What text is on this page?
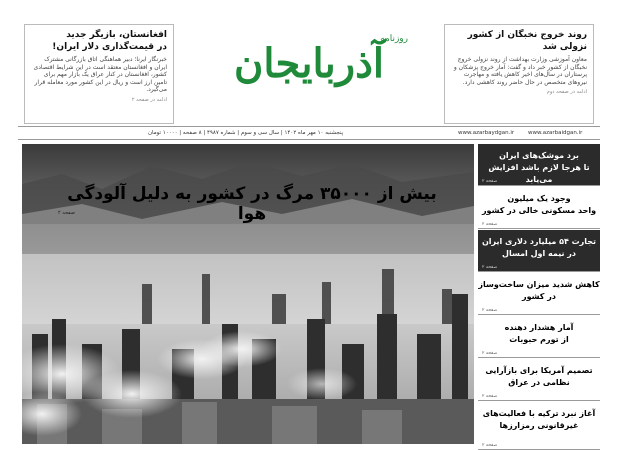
افغانستان، بازیگر جدید
در قیمت‌گذاری دلار ایران!
خبرنگار ایرنا؛ دبیر هماهنگی اتاق بازرگانی مشترک ایران و افغانستان معتقد است در این شرایط اقتصادی کشور، افغانستان در کنار عراق یک بازار مهم برای تامین ارز است و ریال در این کشور مورد معامله قرار می‌گیرد.
ادامه در صفحه ۲
روزنامه
آذربایجان
روند خروج نخبگان از کشور
نزولی شد
معاون آموزشی وزارت بهداشت از روند نزولی خروج نخبگان از کشور خبر داد و گفت: آمار خروج پزشکان و پرستاران در سال‌های اخیر کاهش یافته و مهاجرت نیروهای متخصص در حال حاضر روند کاهشی دارد.
ادامه در صفحه دوم
پنجشنبه ۱۰ مهر ماه ۱۴۰۲ | سال سی و سوم | شماره ۴۹۸۷ | ۸ صفحه | ۱۰۰۰۰ تومان	www.azarbaydgan.ir	www.azarbaidgan.ir
بیش از ۳۵۰۰۰ مرگ در کشور به دلیل آلودگی هوا
صفحه ۲
برد موشک‌های ایران
تا هرجا لازم باشد افزایش می‌یابد
صفحه ۲
وجود یک میلیون
واحد مسکونی خالی در کشور
صفحه ۲
تجارت ۵۴ میلیارد دلاری ایران
در نیمه اول امسال
صفحه ۲
کاهش شدید میزان ساخت‌وساز
در کشور
صفحه ۲
آمار هشدار دهنده
از تورم حبوبات
صفحه ۲
تصمیم آمریکا برای بازآرایی
نظامی در عراق
صفحه ۲
آغاز نبرد ترکیه با فعالیت‌های
غیرقانونی رمزارزها
صفحه ۲
